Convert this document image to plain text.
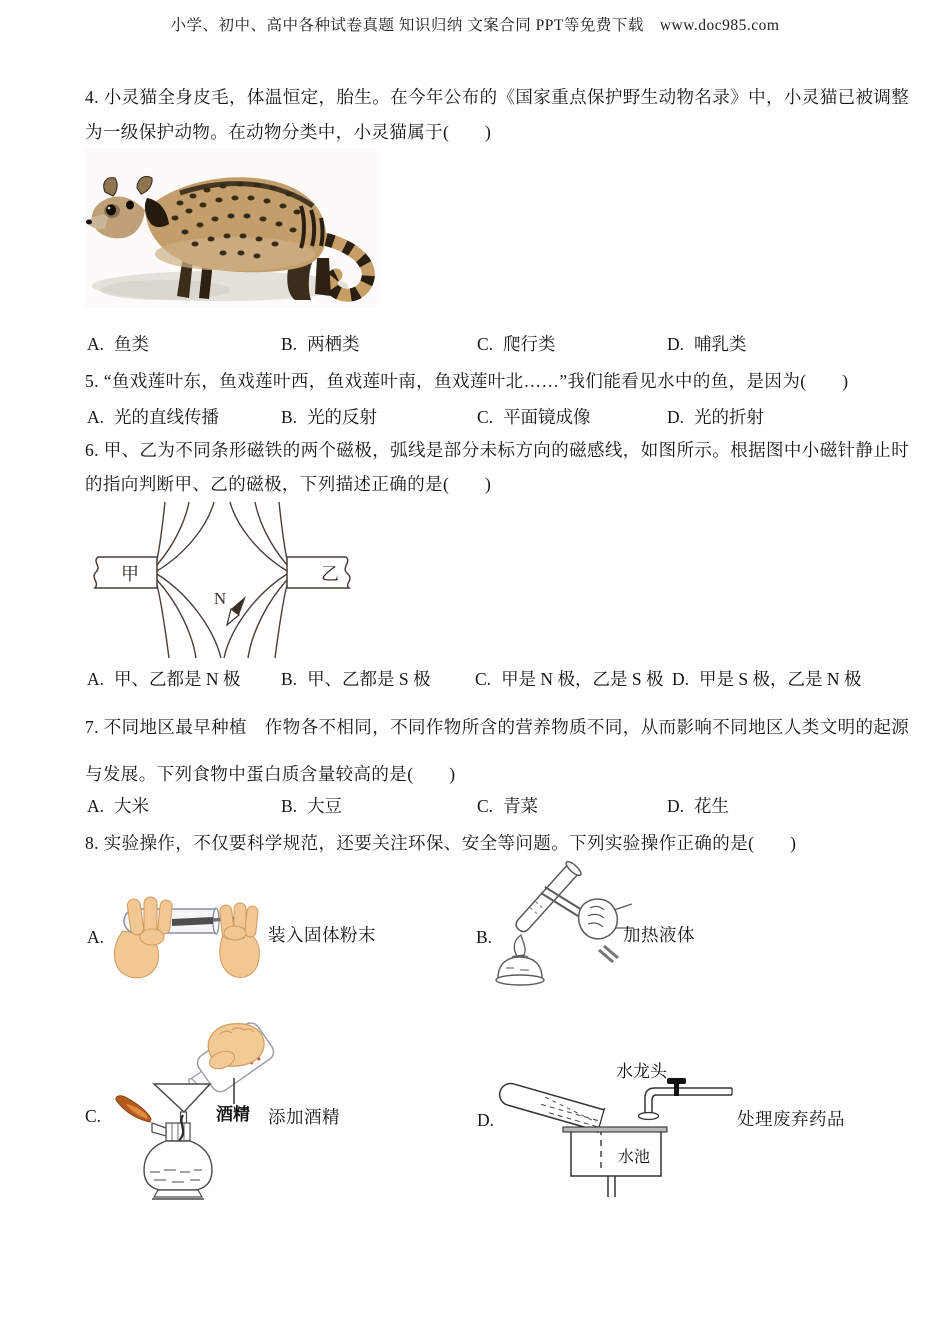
小学、初中、高中各种试卷真题 知识归纳 文案合同 PPT等免费下载 www.doc985.com
4. 小灵猫全身皮毛，体温恒定，胎生。在今年公布的《国家重点保护野生动物名录》中，小灵猫已被调整
为一级保护动物。在动物分类中，小灵猫属于(　　)
A. 鱼类	B. 两栖类	C. 爬行类	D. 哺乳类
5. “鱼戏莲叶东，鱼戏莲叶西，鱼戏莲叶南，鱼戏莲叶北……”我们能看见水中的鱼，是因为(　　)
A. 光的直线传播	B. 光的反射	C. 平面镜成像	D. 光的折射
6. 甲、乙为不同条形磁铁的两个磁极，弧线是部分未标方向的磁感线，如图所示。根据图中小磁针静止时
的指向判断甲、乙的磁极，下列描述正确的是(　　)
甲	乙
N
A. 甲、乙都是 N 极 B. 甲、乙都是 S 极	C. 甲是 N 极，乙是 S 极 D. 甲是 S 极，乙是 N 极
7. 不同地区最早种植　作物各不相同，不同作物所含的营养物质不同，从而影响不同地区人类文明的起源
与发展。下列食物中蛋白质含量较高的是(　　)
A. 大米	B. 大豆	C. 青菜	D. 花生
8. 实验操作，不仅要科学规范，还要关注环保、安全等问题。下列实验操作正确的是(　　)
A.	装入固体粉末	B.	加热液体
C.	酒精 添加酒精	D.
水池
水龙头
处理废弃药品
